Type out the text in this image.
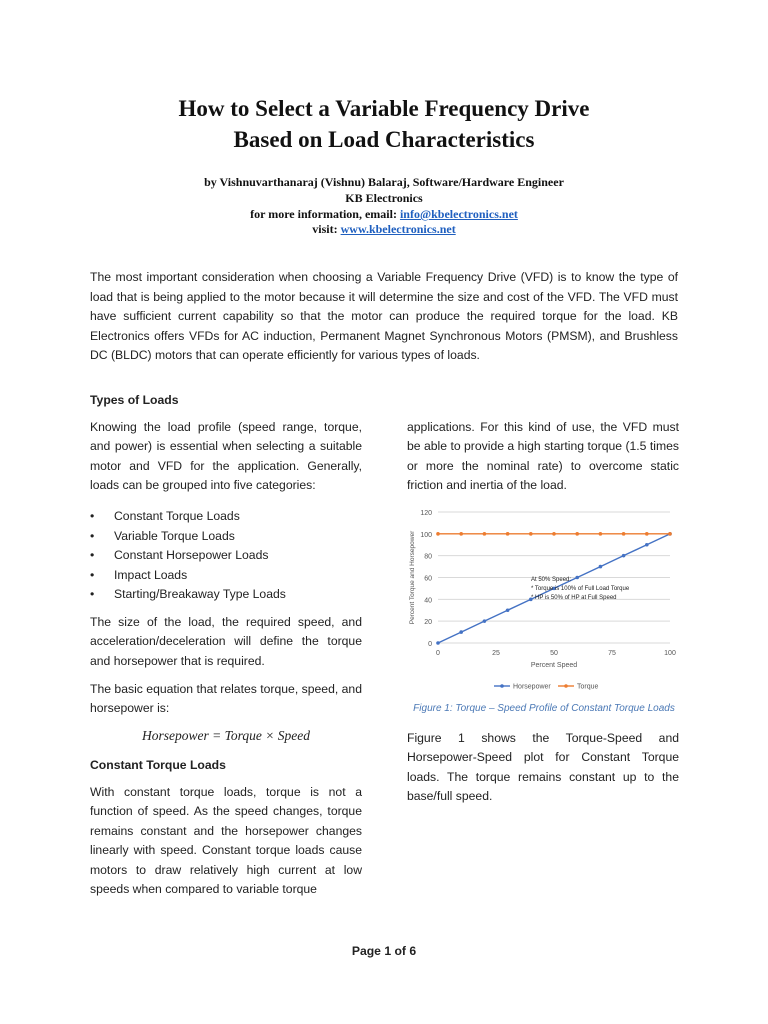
How to Select a Variable Frequency Drive
Based on Load Characteristics
by Vishnuvarthanaraj (Vishnu) Balaraj, Software/Hardware Engineer
KB Electronics
for more information, email: info@kbelectronics.net
visit: www.kbelectronics.net

The most important consideration when choosing a Variable Frequency Drive (VFD) is to know the type of load that is being applied to the motor because it will determine the size and cost of the VFD. The VFD must have sufficient current capability so that the motor can produce the required torque for the load. KB Electronics offers VFDs for AC induction, Permanent Magnet Synchronous Motors (PMSM), and Brushless DC (BLDC) motors that can operate efficiently for various types of loads.

Types of Loads

Knowing the load profile (speed range, torque, and power) is essential when selecting a suitable motor and VFD for the application. Generally, loads can be grouped into five categories:

• Constant Torque Loads
• Variable Torque Loads
• Constant Horsepower Loads
• Impact Loads
• Starting/Breakaway Type Loads

The size of the load, the required speed, and acceleration/deceleration will define the torque and horsepower that is required.

The basic equation that relates torque, speed, and horsepower is:

Horsepower = Torque × Speed
Constant Torque Loads

With constant torque loads, torque is not a function of speed. As the speed changes, torque remains constant and the horsepower changes linearly with speed. Constant torque loads cause motors to draw relatively high current at low speeds when compared to variable torque

applications. For this kind of use, the VFD must be able to provide a high starting torque (1.5 times or more the nominal rate) to overcome static friction and inertia of the load.

0
20
40
60
80
100
120
0	25	50	75	100
Percent Speed
Percent Torque and Horsepower	At 50% Speed:
* Torque is 100% of Full Load Torque
* HP is 50% of HP at Full Speed
Horsepower	Torque
Figure 1: Torque – Speed Profile of Constant Torque Loads

Figure 1 shows the Torque-Speed and Horsepower-Speed plot for Constant Torque loads. The torque remains constant up to the base/full speed.

Page 1 of 6
